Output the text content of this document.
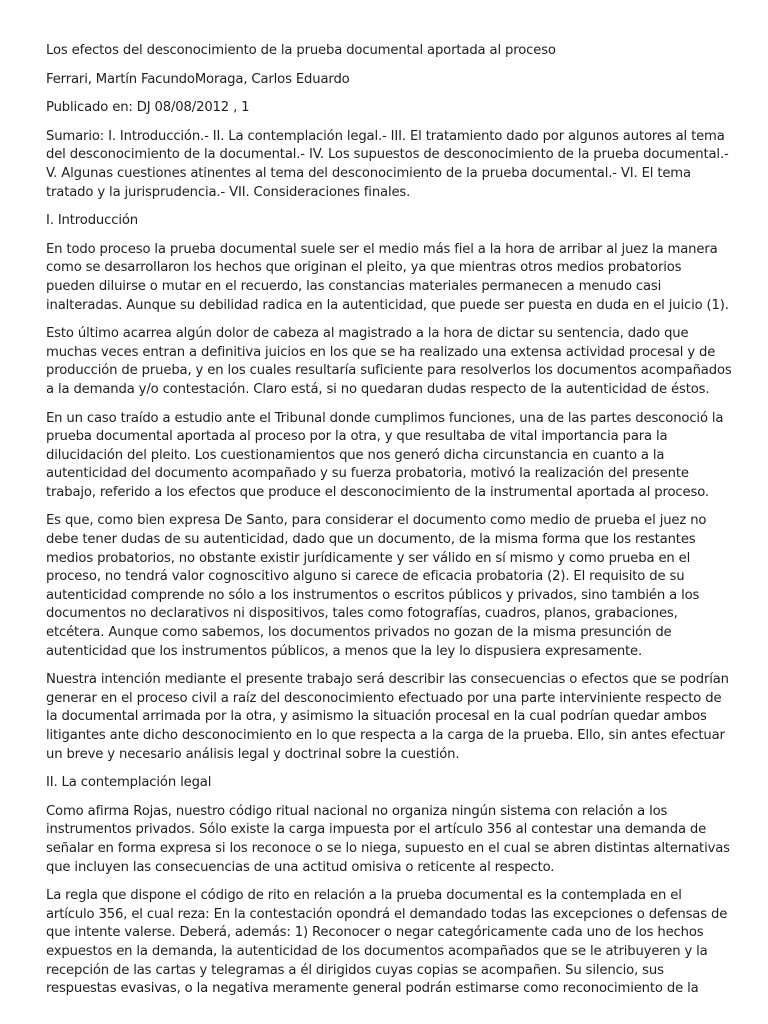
Los efectos del desconocimiento de la prueba documental aportada al proceso

Ferrari, Martín FacundoMoraga, Carlos Eduardo

Publicado en: DJ 08/08/2012 , 1

Sumario: I. Introducción.- II. La contemplación legal.- III. El tratamiento dado por algunos autores al tema del desconocimiento de la documental.- IV. Los supuestos de desconocimiento de la prueba documental.- V. Algunas cuestiones atinentes al tema del desconocimiento de la prueba documental.- VI. El tema tratado y la jurisprudencia.- VII. Consideraciones finales.

I. Introducción

En todo proceso la prueba documental suele ser el medio más fiel a la hora de arribar al juez la manera como se desarrollaron los hechos que originan el pleito, ya que mientras otros medios probatorios pueden diluirse o mutar en el recuerdo, las constancias materiales permanecen a menudo casi inalteradas. Aunque su debilidad radica en la autenticidad, que puede ser puesta en duda en el juicio (1).

Esto último acarrea algún dolor de cabeza al magistrado a la hora de dictar su sentencia, dado que muchas veces entran a definitiva juicios en los que se ha realizado una extensa actividad procesal y de producción de prueba, y en los cuales resultaría suficiente para resolverlos los documentos acompañados a la demanda y/o contestación. Claro está, si no quedaran dudas respecto de la autenticidad de éstos.

En un caso traído a estudio ante el Tribunal donde cumplimos funciones, una de las partes desconoció la prueba documental aportada al proceso por la otra, y que resultaba de vital importancia para la dilucidación del pleito. Los cuestionamientos que nos generó dicha circunstancia en cuanto a la autenticidad del documento acompañado y su fuerza probatoria, motivó la realización del presente trabajo, referido a los efectos que produce el desconocimiento de la instrumental aportada al proceso.

Es que, como bien expresa De Santo, para considerar el documento como medio de prueba el juez no debe tener dudas de su autenticidad, dado que un documento, de la misma forma que los restantes medios probatorios, no obstante existir jurídicamente y ser válido en sí mismo y como prueba en el proceso, no tendrá valor cognoscitivo alguno si carece de eficacia probatoria (2). El requisito de su autenticidad comprende no sólo a los instrumentos o escritos públicos y privados, sino también a los documentos no declarativos ni dispositivos, tales como fotografías, cuadros, planos, grabaciones, etcétera. Aunque como sabemos, los documentos privados no gozan de la misma presunción de autenticidad que los instrumentos públicos, a menos que la ley lo dispusiera expresamente.

Nuestra intención mediante el presente trabajo será describir las consecuencias o efectos que se podrían generar en el proceso civil a raíz del desconocimiento efectuado por una parte interviniente respecto de la documental arrimada por la otra, y asimismo la situación procesal en la cual podrían quedar ambos litigantes ante dicho desconocimiento en lo que respecta a la carga de la prueba. Ello, sin antes efectuar un breve y necesario análisis legal y doctrinal sobre la cuestión.

II. La contemplación legal

Como afirma Rojas, nuestro código ritual nacional no organiza ningún sistema con relación a los instrumentos privados. Sólo existe la carga impuesta por el artículo 356 al contestar una demanda de señalar en forma expresa si los reconoce o se lo niega, supuesto en el cual se abren distintas alternativas que incluyen las consecuencias de una actitud omisiva o reticente al respecto.

La regla que dispone el código de rito en relación a la prueba documental es la contemplada en el artículo 356, el cual reza: En la contestación opondrá el demandado todas las excepciones o defensas de que intente valerse. Deberá, además: 1) Reconocer o negar categóricamente cada uno de los hechos expuestos en la demanda, la autenticidad de los documentos acompañados que se le atribuyeren y la recepción de las cartas y telegramas a él dirigidos cuyas copias se acompañen. Su silencio, sus respuestas evasivas, o la negativa meramente general podrán estimarse como reconocimiento de la
